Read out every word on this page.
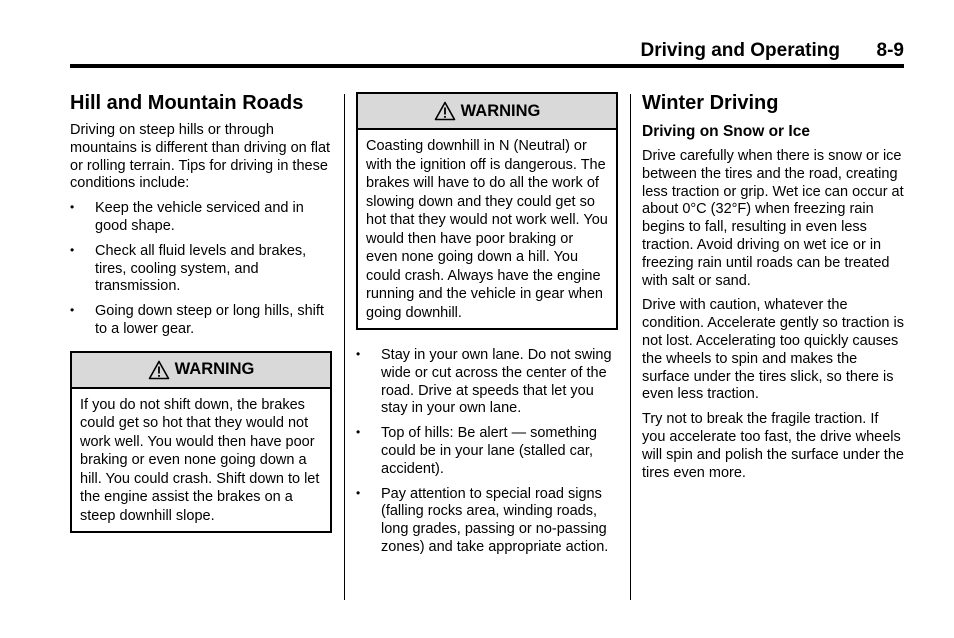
Driving and Operating 8-9
Hill and Mountain Roads

Driving on steep hills or through mountains is different than driving on flat or rolling terrain. Tips for driving in these conditions include:

• Keep the vehicle serviced and in good shape.
• Check all fluid levels and brakes, tires, cooling system, and transmission.
• Going down steep or long hills, shift to a lower gear.
WARNING

If you do not shift down, the brakes could get so hot that they would not work well. You would then have poor braking or even none going down a hill. You could crash. Shift down to let the engine assist the brakes on a steep downhill slope.

WARNING

Coasting downhill in N (Neutral) or with the ignition off is dangerous. The brakes will have to do all the work of slowing down and they could get so hot that they would not work well. You would then have poor braking or even none going down a hill. You could crash. Always have the engine running and the vehicle in gear when going downhill.

• Stay in your own lane. Do not swing wide or cut across the center of the road. Drive at speeds that let you stay in your own lane.
• Top of hills: Be alert — something could be in your lane (stalled car, accident).
• Pay attention to special road signs (falling rocks area, winding roads, long grades, passing or no-passing zones) and take appropriate action.
Winter Driving
Driving on Snow or Ice

Drive carefully when there is snow or ice between the tires and the road, creating less traction or grip. Wet ice can occur at about 0°C (32°F) when freezing rain begins to fall, resulting in even less traction. Avoid driving on wet ice or in freezing rain until roads can be treated with salt or sand.

Drive with caution, whatever the condition. Accelerate gently so traction is not lost. Accelerating too quickly causes the wheels to spin and makes the surface under the tires slick, so there is even less traction.

Try not to break the fragile traction. If you accelerate too fast, the drive wheels will spin and polish the surface under the tires even more.
